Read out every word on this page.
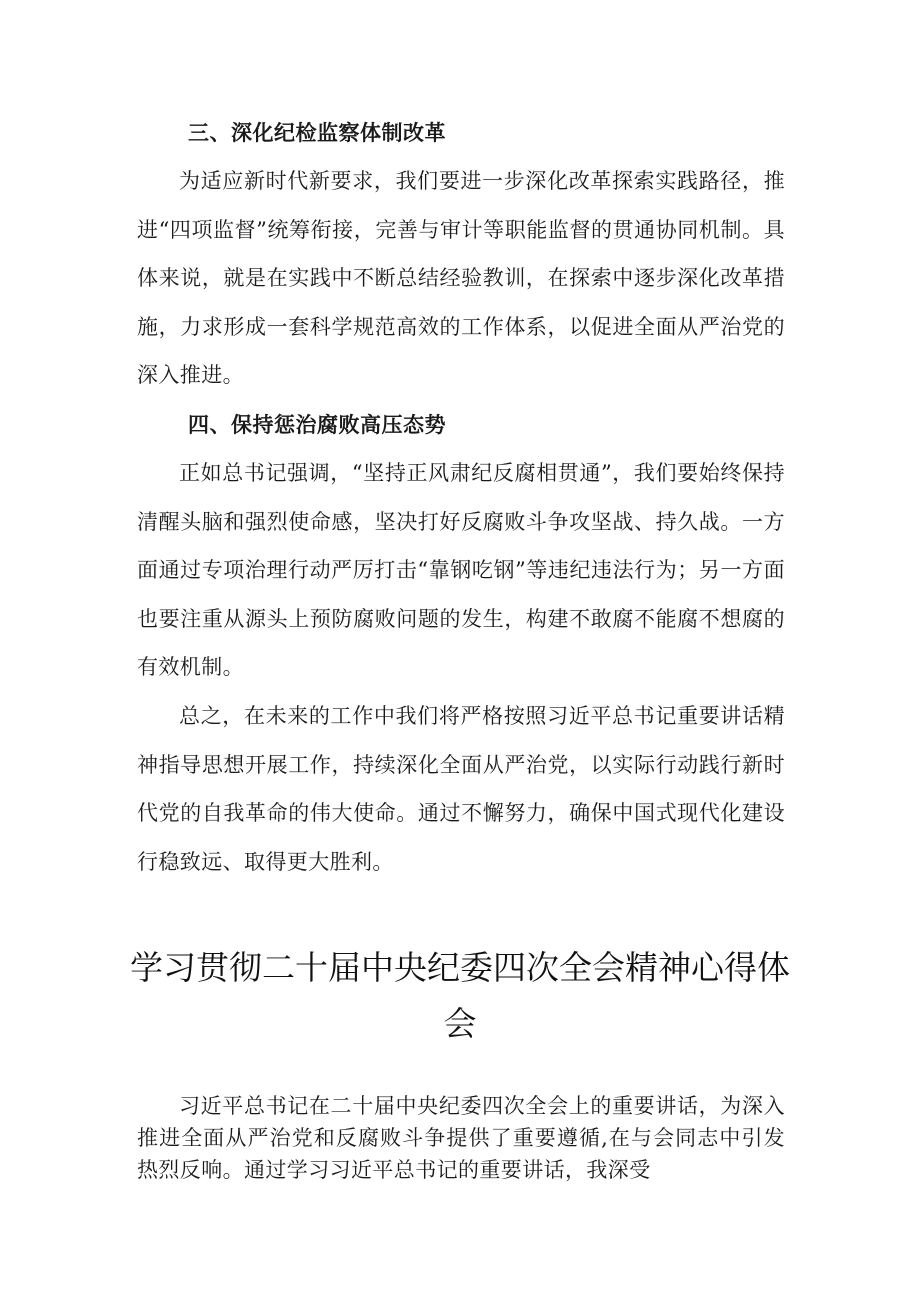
三、深化纪检监察体制改革

为适应新时代新要求，我们要进一步深化改革探索实践路径，推进“四项监督”统筹衔接，完善与审计等职能监督的贯通协同机制。具体来说，就是在实践中不断总结经验教训，在探索中逐步深化改革措施，力求形成一套科学规范高效的工作体系，以促进全面从严治党的深入推进。

四、保持惩治腐败高压态势

正如总书记强调，“坚持正风肃纪反腐相贯通”，我们要始终保持清醒头脑和强烈使命感，坚决打好反腐败斗争攻坚战、持久战。一方面通过专项治理行动严厉打击“靠钢吃钢”等违纪违法行为；另一方面也要注重从源头上预防腐败问题的发生，构建不敢腐不能腐不想腐的有效机制。

总之，在未来的工作中我们将严格按照习近平总书记重要讲话精神指导思想开展工作，持续深化全面从严治党，以实际行动践行新时代党的自我革命的伟大使命。通过不懈努力，确保中国式现代化建设行稳致远、取得更大胜利。

学习贯彻二十届中央纪委四次全会精神心得体会

习近平总书记在二十届中央纪委四次全会上的重要讲话，为深入推进全面从严治党和反腐败斗争提供了重要遵循,在与会同志中引发热烈反响。通过学习习近平总书记的重要讲话，我深受
